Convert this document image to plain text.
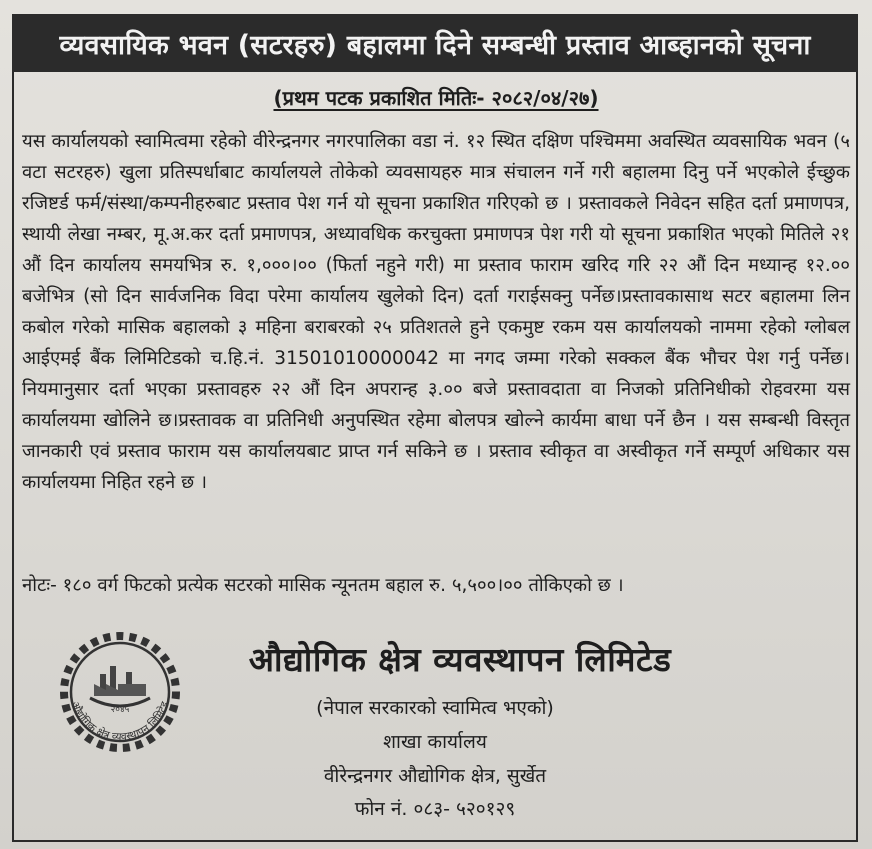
व्यवसायिक भवन (सटरहरु) बहालमा दिने सम्बन्धी प्रस्ताव आब्हानको सूचना
(प्रथम पटक प्रकाशित मितिः- २०८२/०४/२७)

यस कार्यालयको स्वामित्वमा रहेको वीरेन्द्रनगर नगरपालिका वडा नं. १२ स्थित दक्षिण पश्चिममा अवस्थित व्यवसायिक भवन (५ वटा सटरहरु) खुला प्रतिस्पर्धाबाट कार्यालयले तोकेको व्यवसायहरु मात्र संचालन गर्ने गरी बहालमा दिनु पर्ने भएकोले ईच्छुक रजिष्टर्ड फर्म/संस्था/कम्पनीहरुबाट प्रस्ताव पेश गर्न यो सूचना प्रकाशित गरिएको छ । प्रस्तावकले निवेदन सहित दर्ता प्रमाणपत्र, स्थायी लेखा नम्बर, मू.अ.कर दर्ता प्रमाणपत्र, अध्यावधिक करचुक्ता प्रमाणपत्र पेश गरी यो सूचना प्रकाशित भएको मितिले २१ औं दिन कार्यालय समयभित्र रु. १,०००।०० (फिर्ता नहुने गरी) मा प्रस्ताव फाराम खरिद गरि २२ औं दिन मध्यान्ह १२.०० बजेभित्र (सो दिन सार्वजनिक विदा परेमा कार्यालय खुलेको दिन) दर्ता गराईसक्नु पर्नेछ।प्रस्तावकासाथ सटर बहालमा लिन कबोल गरेको मासिक बहालको ३ महिना बराबरको २५ प्रतिशतले हुने एकमुष्ट रकम यस कार्यालयको नाममा रहेको ग्लोबल आईएमई बैंक लिमिटिडको च.हि.नं. 31501010000042 मा नगद जम्मा गरेको सक्कल बैंक भौचर पेश गर्नु पर्नेछ।नियमानुसार दर्ता भएका प्रस्तावहरु २२ औं दिन अपरान्ह ३.०० बजे प्रस्तावदाता वा निजको प्रतिनिधीको रोहवरमा यस कार्यालयमा खोलिने छ।प्रस्तावक वा प्रतिनिधी अनुपस्थित रहेमा बोलपत्र खोल्ने कार्यमा बाधा पर्ने छैन । यस सम्बन्धी विस्तृत जानकारी एवं प्रस्ताव फाराम यस कार्यालयबाट प्राप्त गर्न सकिने छ । प्रस्ताव स्वीकृत वा अस्वीकृत गर्ने सम्पूर्ण अधिकार यस कार्यालयमा निहित रहने छ ।

नोटः- १८० वर्ग फिटको प्रत्येक सटरको मासिक न्यूनतम बहाल रु. ५,५००।०० तोकिएको छ ।
२०४५
औद्योगिक क्षेत्र व्यवस्थापन लिमिटेड
औद्योगिक क्षेत्र व्यवस्थापन लिमिटेड
(नेपाल सरकारको स्वामित्व भएको)
शाखा कार्यालय
वीरेन्द्रनगर औद्योगिक क्षेत्र, सुर्खेत
फोन नं. ०८३- ५२०१२९
